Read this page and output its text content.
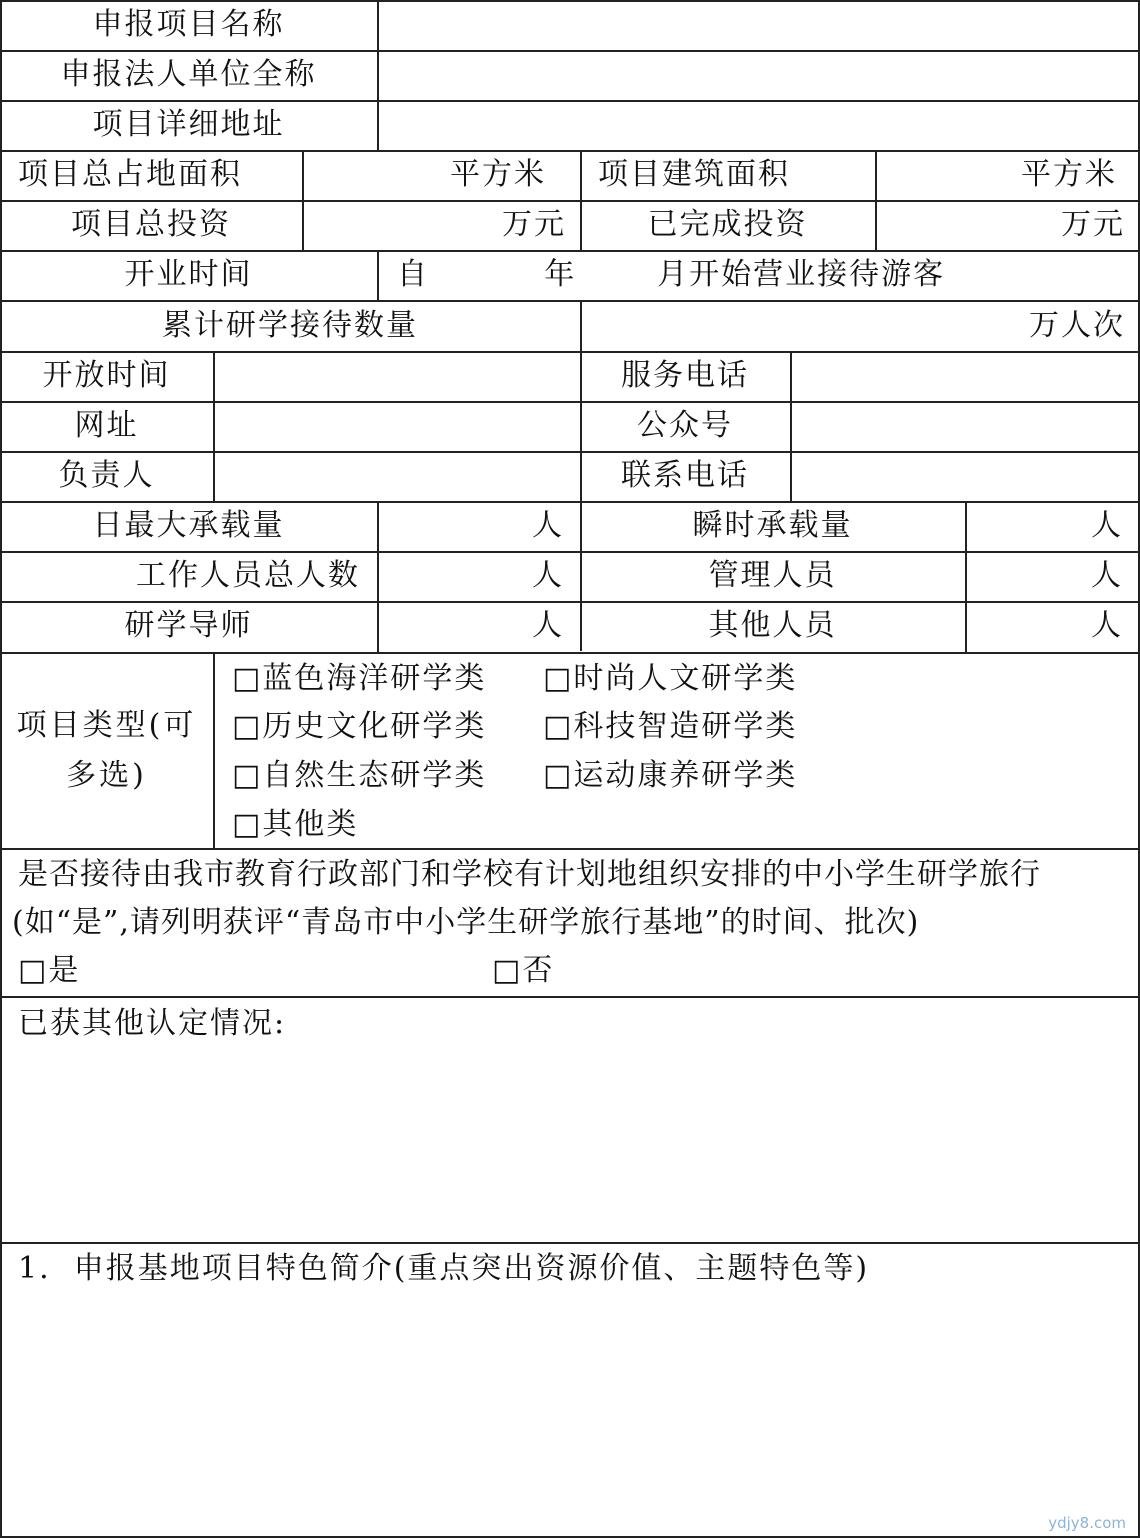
申报项目名称
申报法人单位全称
项目详细地址
项目总占地面积	平方米 项目建筑面积	平方米
项目总投资	万元	已完成投资	万元
开业时间	自          年       月开始营业接待游客
累计研学接待数量	万人次
开放时间	服务电话
网址	公众号
负责人	联系电话
日最大承载量	人	瞬时承载量	人
工作人员总人数	人	管理人员	人
研学导师	人	其他人员	人
项目类型(可
多选)
□蓝色海洋研学类 □时尚人文研学类
□历史文化研学类 □科技智造研学类
□自然生态研学类 □运动康养研学类
□其他类
是否接待由我市教育行政部门和学校有计划地组织安排的中小学生研学旅行
(如“是”,请列明获评“青岛市中小学生研学旅行基地”的时间、批次)
□是	□否
已获其他认定情况:
1.  申报基地项目特色简介(重点突出资源价值、主题特色等)
ydjy8.com
